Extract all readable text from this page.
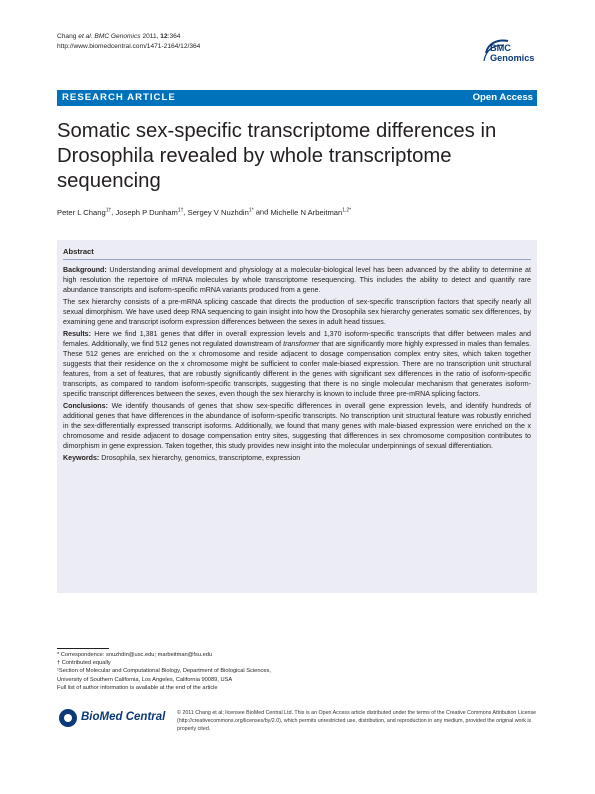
Chang et al. BMC Genomics 2011, 12:364
http://www.biomedcentral.com/1471-2164/12/364	BMC
Genomics
RESEARCH ARTICLE	Open Access
Somatic sex-specific transcriptome differences in Drosophila revealed by whole transcriptome sequencing
Peter L Chang$^{1\dagger}$, Joseph P Dunham$^{1\dagger}$, Sergey V Nuzhdin$^{1*}$ and Michelle N Arbeitman$^{1,2*}$
Abstract

Background: Understanding animal development and physiology at a molecular-biological level has been advanced by the ability to determine at high resolution the repertoire of mRNA molecules by whole transcriptome resequencing. This includes the ability to detect and quantify rare abundance transcripts and isoform-specific mRNA variants produced from a gene.

The sex hierarchy consists of a pre-mRNA splicing cascade that directs the production of sex-specific transcription factors that specify nearly all sexual dimorphism. We have used deep RNA sequencing to gain insight into how the Drosophila sex hierarchy generates somatic sex differences, by examining gene and transcript isoform expression differences between the sexes in adult head tissues.

Results: Here we find 1,381 genes that differ in overall expression levels and 1,370 isoform-specific transcripts that differ between males and females. Additionally, we find 512 genes not regulated downstream of transformer that are significantly more highly expressed in males than females. These 512 genes are enriched on the x chromosome and reside adjacent to dosage compensation complex entry sites, which taken together suggests that their residence on the x chromosome might be sufficient to confer male-biased expression. There are no transcription unit structural features, from a set of features, that are robustly significantly different in the genes with significant sex differences in the ratio of isoform-specific transcripts, as compared to random isoform-specific transcripts, suggesting that there is no single molecular mechanism that generates isoform-specific transcript differences between the sexes, even though the sex hierarchy is known to include three pre-mRNA splicing factors.

Conclusions: We identify thousands of genes that show sex-specific differences in overall gene expression levels, and identify hundreds of additional genes that have differences in the abundance of isoform-specific transcripts. No transcription unit structural feature was robustly enriched in the sex-differentially expressed transcript isoforms. Additionally, we found that many genes with male-biased expression were enriched on the x chromosome and reside adjacent to dosage compensation entry sites, suggesting that differences in sex chromosome composition contributes to dimorphism in gene expression. Taken together, this study provides new insight into the molecular underpinnings of sexual differentiation.

Keywords: Drosophila, sex hierarchy, genomics, transcriptome, expression

* Correspondence: snuzhdin@usc.edu; marbeitman@fsu.edu
† Contributed equally
¹Section of Molecular and Computational Biology, Department of Biological Sciences, University of Southern California, Los Angeles, California 90089, USA
Full list of author information is available at the end of the article
BioMed Central © 2011 Chang et al; licensee BioMed Central Ltd. This is an Open Access article distributed under the terms of the Creative Commons Attribution License (http://creativecommons.org/licenses/by/2.0), which permits unrestricted use, distribution, and reproduction in any medium, provided the original work is properly cited.
